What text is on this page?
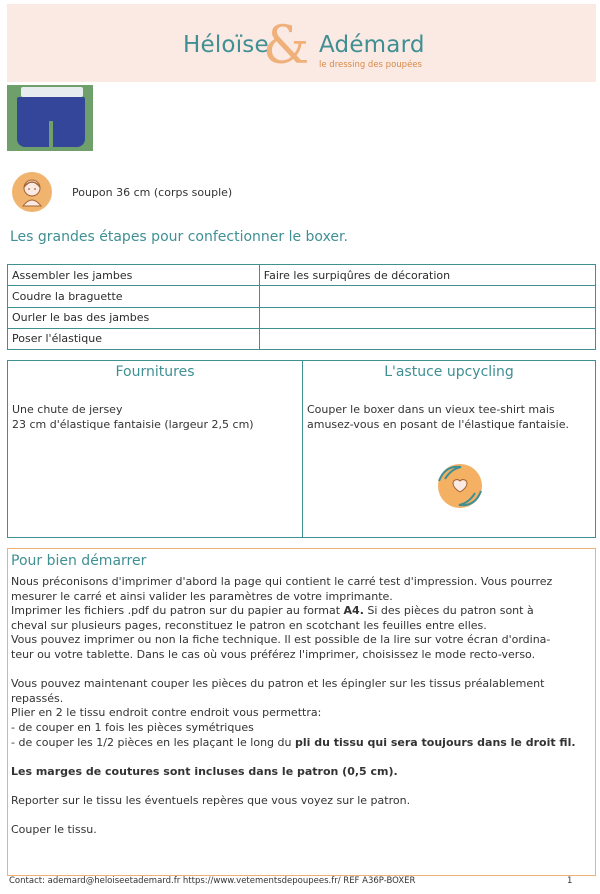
&
Héloïse Adémard
le dressing des poupées
Poupon 36 cm (corps souple)
Les grandes étapes pour confectionner le boxer.
Assembler les jambes	Faire les surpiqûres de décoration
Coudre la braguette	
Ourler le bas des jambes	
Poser l'élastique	
Fournitures
Une chute de jersey
23 cm d'élastique fantaisie (largeur 2,5 cm)
L'astuce upcycling
Couper le boxer dans un vieux tee-shirt mais
amusez-vous en posant de l'élastique fantaisie.
Pour bien démarrer

Nous préconisons d'imprimer d'abord la page qui contient le carré test d'impression. Vous pourrez

mesurer le carré et ainsi valider les paramètres de votre imprimante.

Imprimer les fichiers .pdf du patron sur du papier au format A4. Si des pièces du patron sont à

cheval sur plusieurs pages, reconstituez le patron en scotchant les feuilles entre elles.

Vous pouvez imprimer ou non la fiche technique. Il est possible de la lire sur votre écran d'ordina-

teur ou votre tablette. Dans le cas où vous préférez l'imprimer, choisissez le mode recto-verso.

Vous pouvez maintenant couper les pièces du patron et les épingler sur les tissus préalablement

repassés.

Plier en 2 le tissu endroit contre endroit vous permettra:

- de couper en 1 fois les pièces symétriques

- de couper les 1/2 pièces en les plaçant le long du pli du tissu qui sera toujours dans le droit fil.

Les marges de coutures sont incluses dans le patron (0,5 cm).

Reporter sur le tissu les éventuels repères que vous voyez sur le patron.

Couper le tissu.

Contact: ademard@heloiseetademard.fr https://www.vetementsdepoupees.fr/ REF A36P-BOXER	1
